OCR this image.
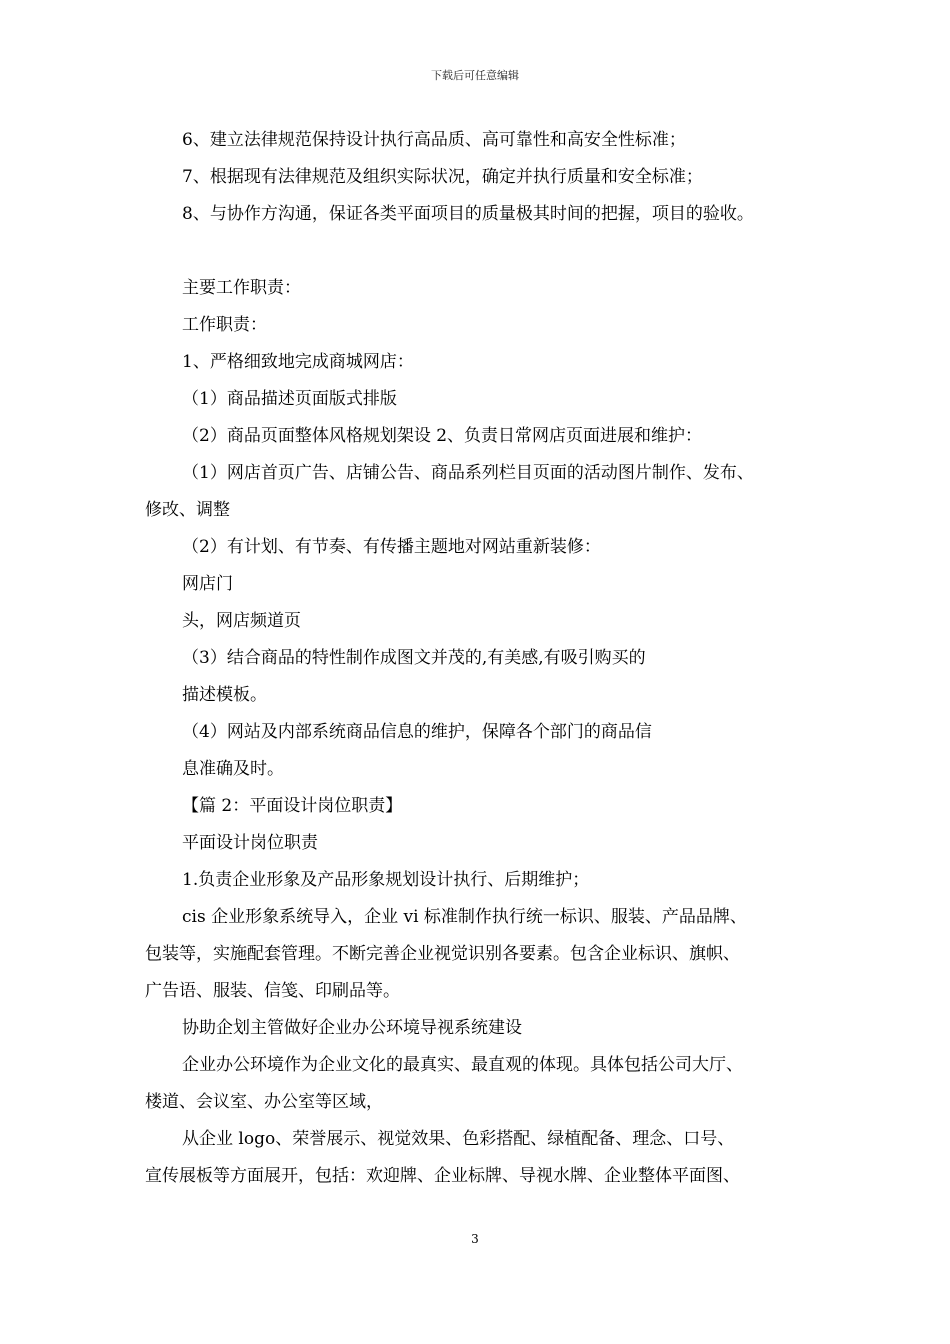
下载后可任意编辑
6、建立法律规范保持设计执行高品质、高可靠性和高安全性标准；
7、根据现有法律规范及组织实际状况，确定并执行质量和安全标准；
8、与协作方沟通，保证各类平面项目的质量极其时间的把握，项目的验收。
主要工作职责：
工作职责：
1、严格细致地完成商城网店：
（1）商品描述页面版式排版
（2）商品页面整体风格规划架设 2、负责日常网店页面进展和维护：
（1）网店首页广告、店铺公告、商品系列栏目页面的活动图片制作、发布、
修改、调整
（2）有计划、有节奏、有传播主题地对网站重新装修：
网店门
头，网店频道页
（3）结合商品的特性制作成图文并茂的,有美感,有吸引购买的
描述模板。
（4）网站及内部系统商品信息的维护，保障各个部门的商品信
息准确及时。
【篇 2：平面设计岗位职责】
平面设计岗位职责
1.负责企业形象及产品形象规划设计执行、后期维护；
cis 企业形象系统导入，企业 vi 标准制作执行统一标识、服装、产品品牌、
包装等，实施配套管理。不断完善企业视觉识别各要素。包含企业标识、旗帜、
广告语、服装、信笺、印刷品等。
协助企划主管做好企业办公环境导视系统建设
企业办公环境作为企业文化的最真实、最直观的体现。具体包括公司大厅、
楼道、会议室、办公室等区域，
从企业 logo、荣誉展示、视觉效果、色彩搭配、绿植配备、理念、口号、
宣传展板等方面展开，包括：欢迎牌、企业标牌、导视水牌、企业整体平面图、
3
